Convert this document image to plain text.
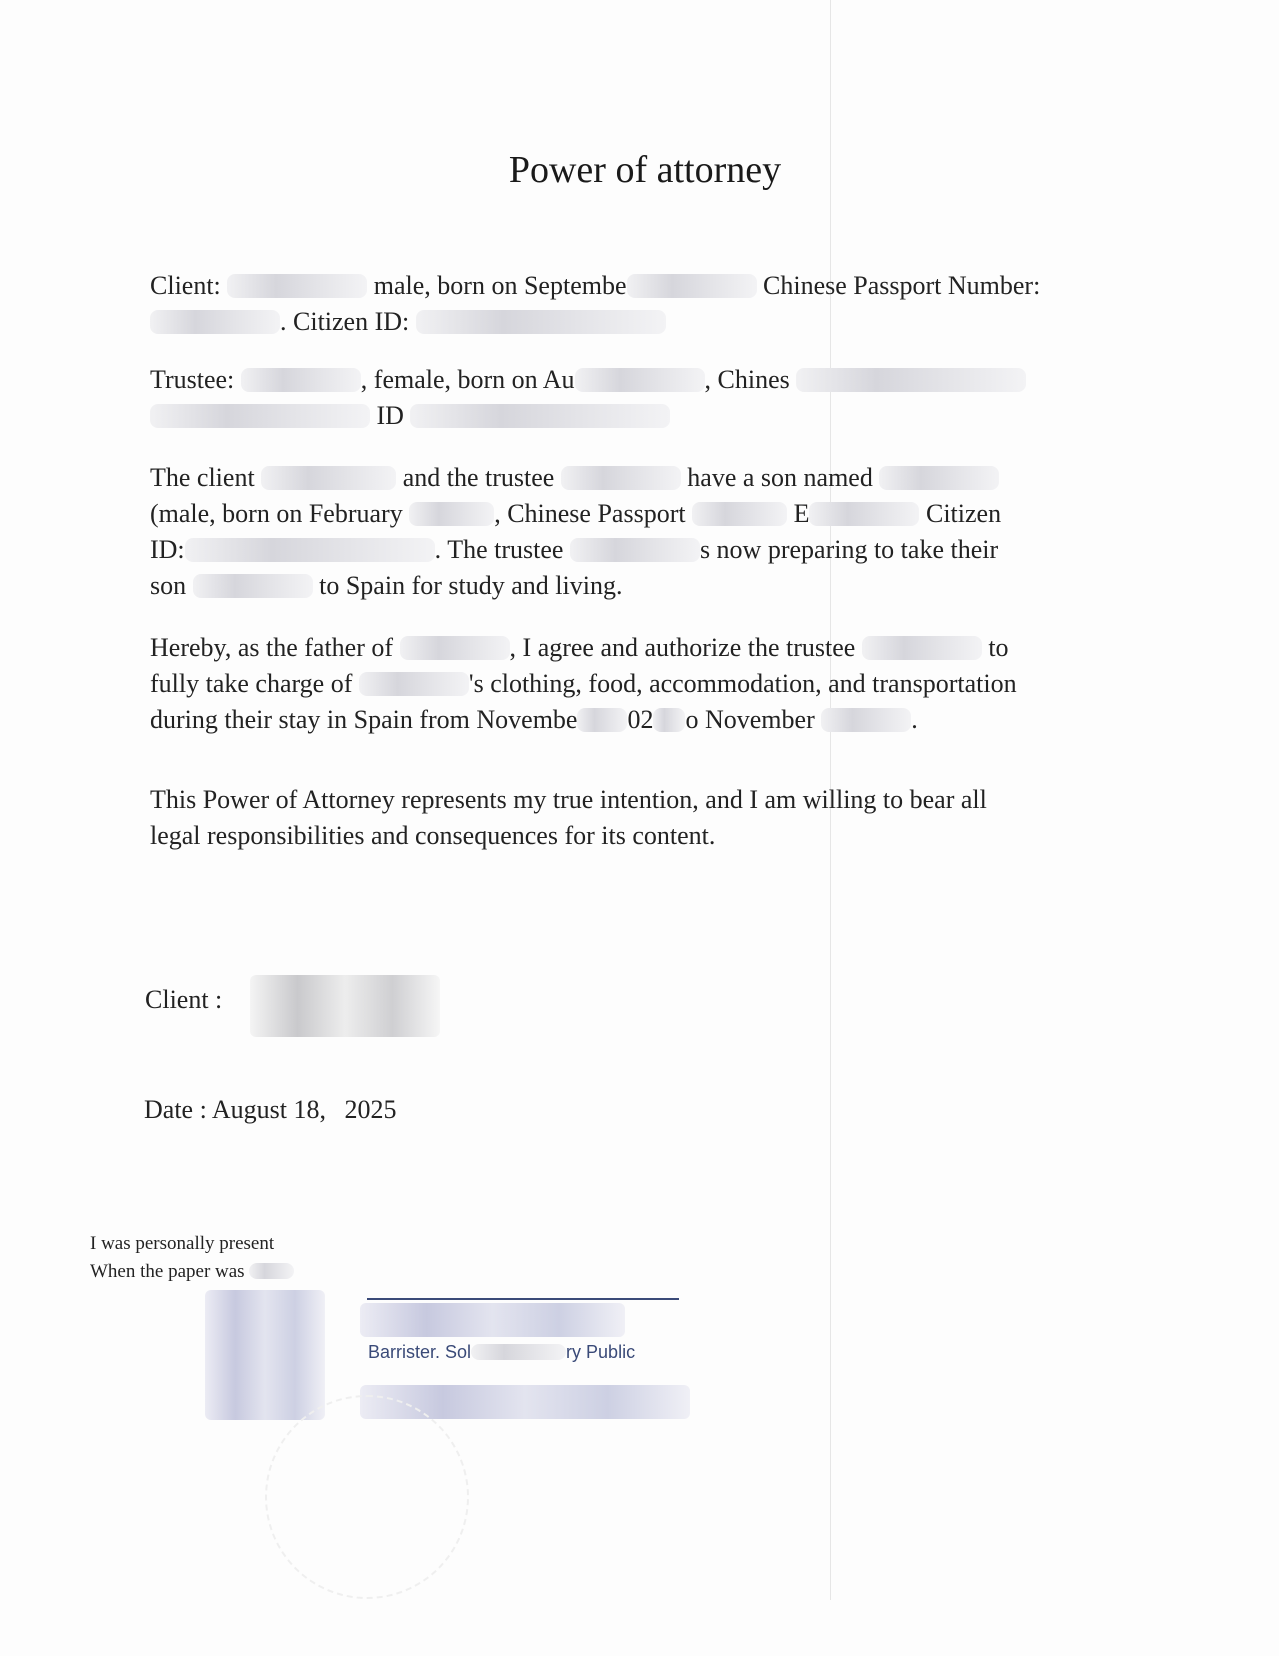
Power of attorney

Client:	male, born on Septembe	Chinese Passport Number:

. Citizen ID:

Trustee:	, female, born on Au	, Chines

ID

The client	and the trustee	have a son named

(male, born on February	, Chinese Passport	E	Citizen

ID:	. The trustee	s now preparing to take their

son	to Spain for study and living.

Hereby, as the father of	, I agree and authorize the trustee	to

fully take charge of	's clothing, food, accommodation, and transportation

during their stay in Spain from Novembe 02 o November	.

This Power of Attorney represents my true intention, and I am willing to bear all

legal responsibilities and consequences for its content.

Client :
Date : August 18, 2025
I was personally present
When the paper was
Barrister. Sol	ry Public
